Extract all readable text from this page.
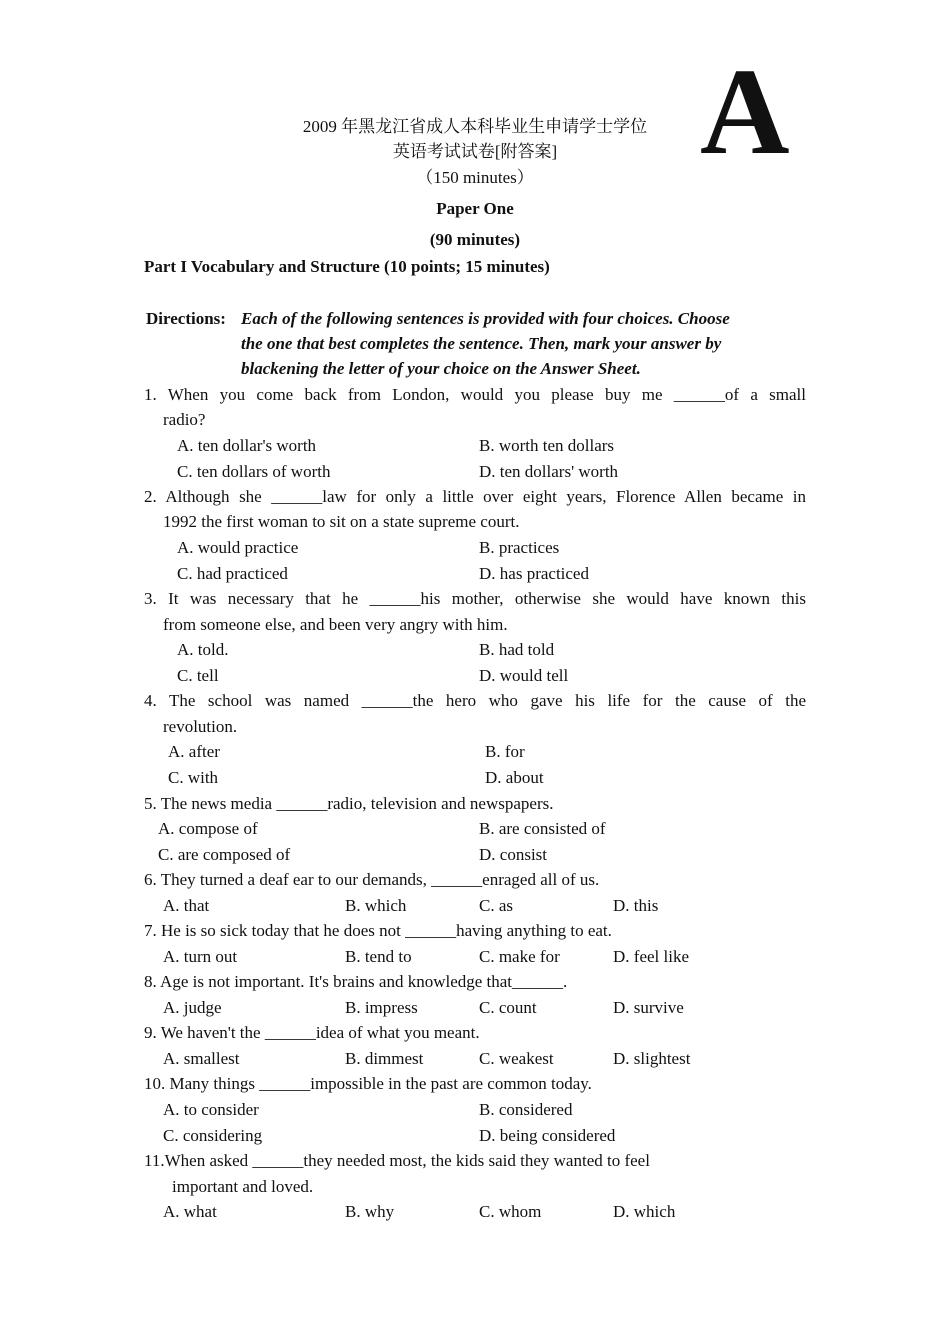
A
2009 年黑龙江省成人本科毕业生申请学士学位
英语考试试卷[附答案]
（150 minutes）
Paper One
(90 minutes)
Part I Vocabulary and Structure (10 points; 15 minutes)
Directions: Each of the following sentences is provided with four choices. Choose
the one that best completes the sentence. Then, mark your answer by
blackening the letter of your choice on the Answer Sheet.
1. When you come back from London, would you please buy me ______of a small
radio?
A. ten dollar's worth	B. worth ten dollars
C. ten dollars of worth	D. ten dollars' worth
2. Although she ______law for only a little over eight years, Florence Allen became in
1992 the first woman to sit on a state supreme court.
A. would practice	B. practices
C. had practiced	D. has practiced
3. It was necessary that he ______his mother, otherwise she would have known this
from someone else, and been very angry with him.
A. told.	B. had told
C. tell	D. would tell
4. The school was named ______the hero who gave his life for the cause of the
revolution.
A. after	B. for
C. with	D. about
5. The news media ______radio, television and newspapers.
A. compose of	B. are consisted of
C. are composed of	D. consist
6. They turned a deaf ear to our demands, ______enraged all of us.
A. that	B. which	C. as	D. this
7. He is so sick today that he does not ______having anything to eat.
A. turn out	B. tend to	C. make for	D. feel like
8. Age is not important. It's brains and knowledge that______.
A. judge	B. impress	C. count	D. survive
9. We haven't the ______idea of what you meant.
A. smallest	B. dimmest	C. weakest	D. slightest
10. Many things ______impossible in the past are common today.
A. to consider	B. considered
C. considering	D. being considered
11.When asked ______they needed most, the kids said they wanted to feel
important and loved.
A. what	B. why	C. whom	D. which
